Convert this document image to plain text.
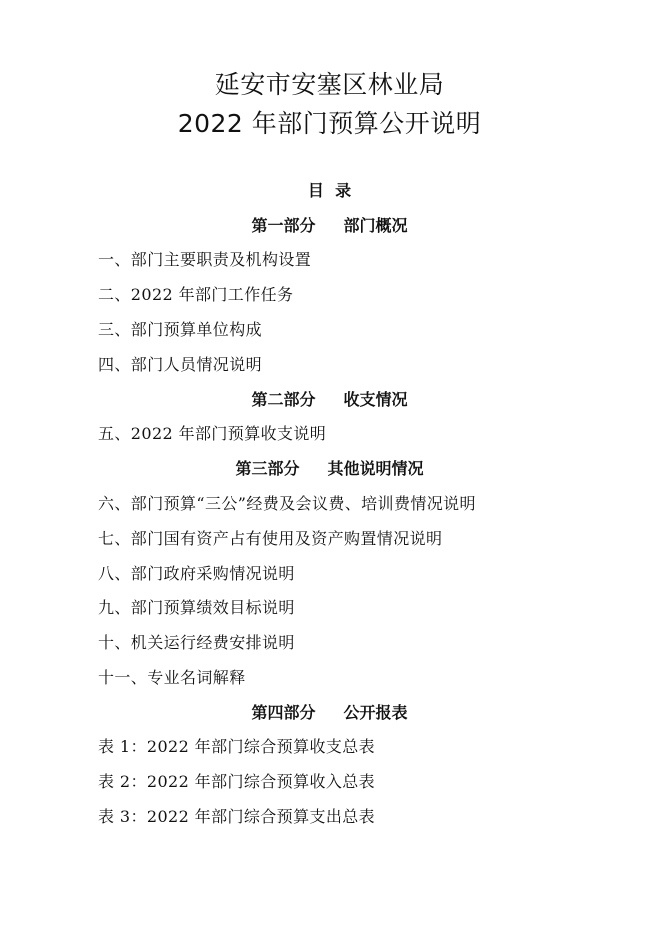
延安市安塞区林业局
2022 年部门预算公开说明
目  录
第一部分 部门概况
一、部门主要职责及机构设置
二、2022 年部门工作任务
三、部门预算单位构成
四、部门人员情况说明
第二部分 收支情况
五、2022 年部门预算收支说明
第三部分 其他说明情况
六、部门预算“三公”经费及会议费、培训费情况说明
七、部门国有资产占有使用及资产购置情况说明
八、部门政府采购情况说明
九、部门预算绩效目标说明
十、机关运行经费安排说明
十一、专业名词解释
第四部分 公开报表
表 1：2022 年部门综合预算收支总表
表 2：2022 年部门综合预算收入总表
表 3：2022 年部门综合预算支出总表
